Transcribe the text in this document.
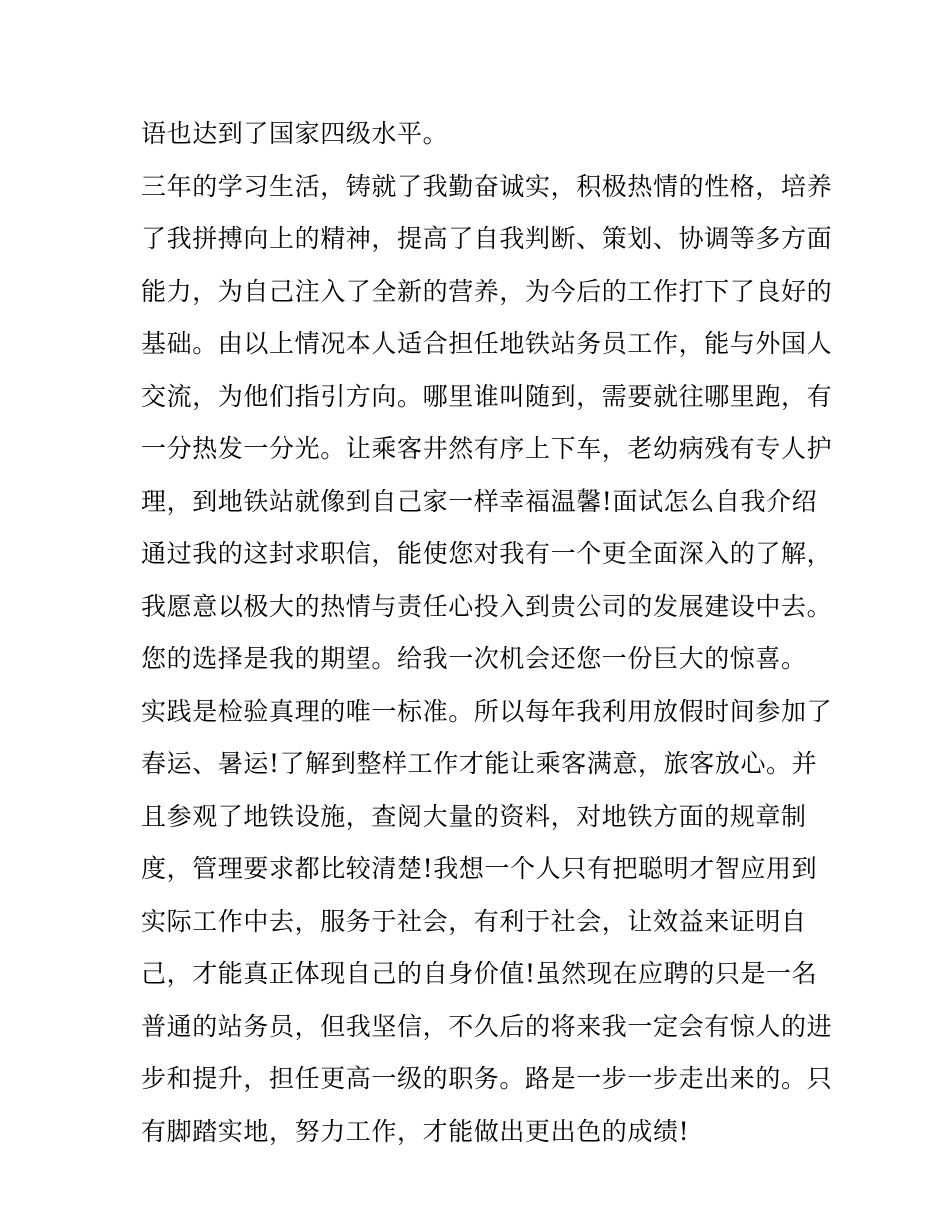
语也达到了国家四级水平。
三年的学习生活，铸就了我勤奋诚实，积极热情的性格，培养
了我拼搏向上的精神，提高了自我判断、策划、协调等多方面
能力，为自己注入了全新的营养，为今后的工作打下了良好的
基础。由以上情况本人适合担任地铁站务员工作，能与外国人
交流，为他们指引方向。哪里谁叫随到，需要就往哪里跑，有
一分热发一分光。让乘客井然有序上下车，老幼病残有专人护
理，到地铁站就像到自己家一样幸福温馨!面试怎么自我介绍
通过我的这封求职信，能使您对我有一个更全面深入的了解，
我愿意以极大的热情与责任心投入到贵公司的发展建设中去。
您的选择是我的期望。给我一次机会还您一份巨大的惊喜。
实践是检验真理的唯一标准。所以每年我利用放假时间参加了
春运、暑运!了解到整样工作才能让乘客满意，旅客放心。并
且参观了地铁设施，查阅大量的资料，对地铁方面的规章制
度，管理要求都比较清楚!我想一个人只有把聪明才智应用到
实际工作中去，服务于社会，有利于社会，让效益来证明自
己，才能真正体现自己的自身价值!虽然现在应聘的只是一名
普通的站务员，但我坚信，不久后的将来我一定会有惊人的进
步和提升，担任更高一级的职务。路是一步一步走出来的。只
有脚踏实地，努力工作，才能做出更出色的成绩!
